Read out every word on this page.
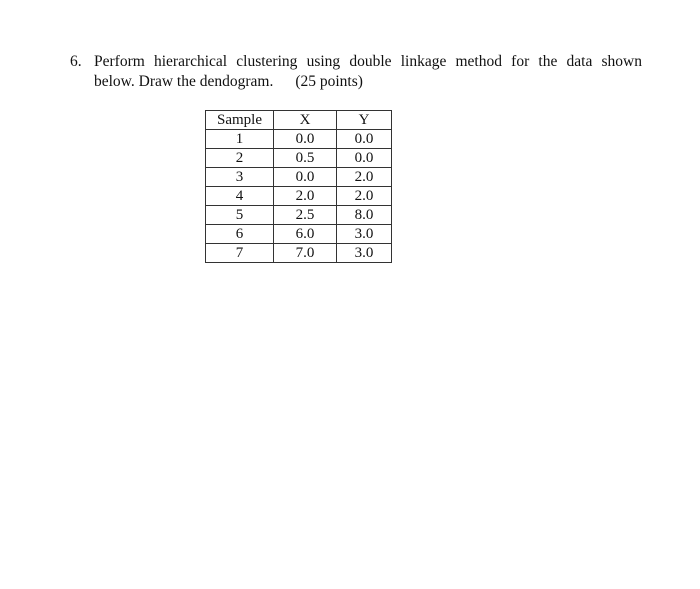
6. Perform hierarchical clustering using double linkage method for the data shown
below. Draw the dendogram. (25 points)
Sample	X	Y
1	0.0	0.0
2	0.5	0.0
3	0.0	2.0
4	2.0	2.0
5	2.5	8.0
6	6.0	3.0
7	7.0	3.0
